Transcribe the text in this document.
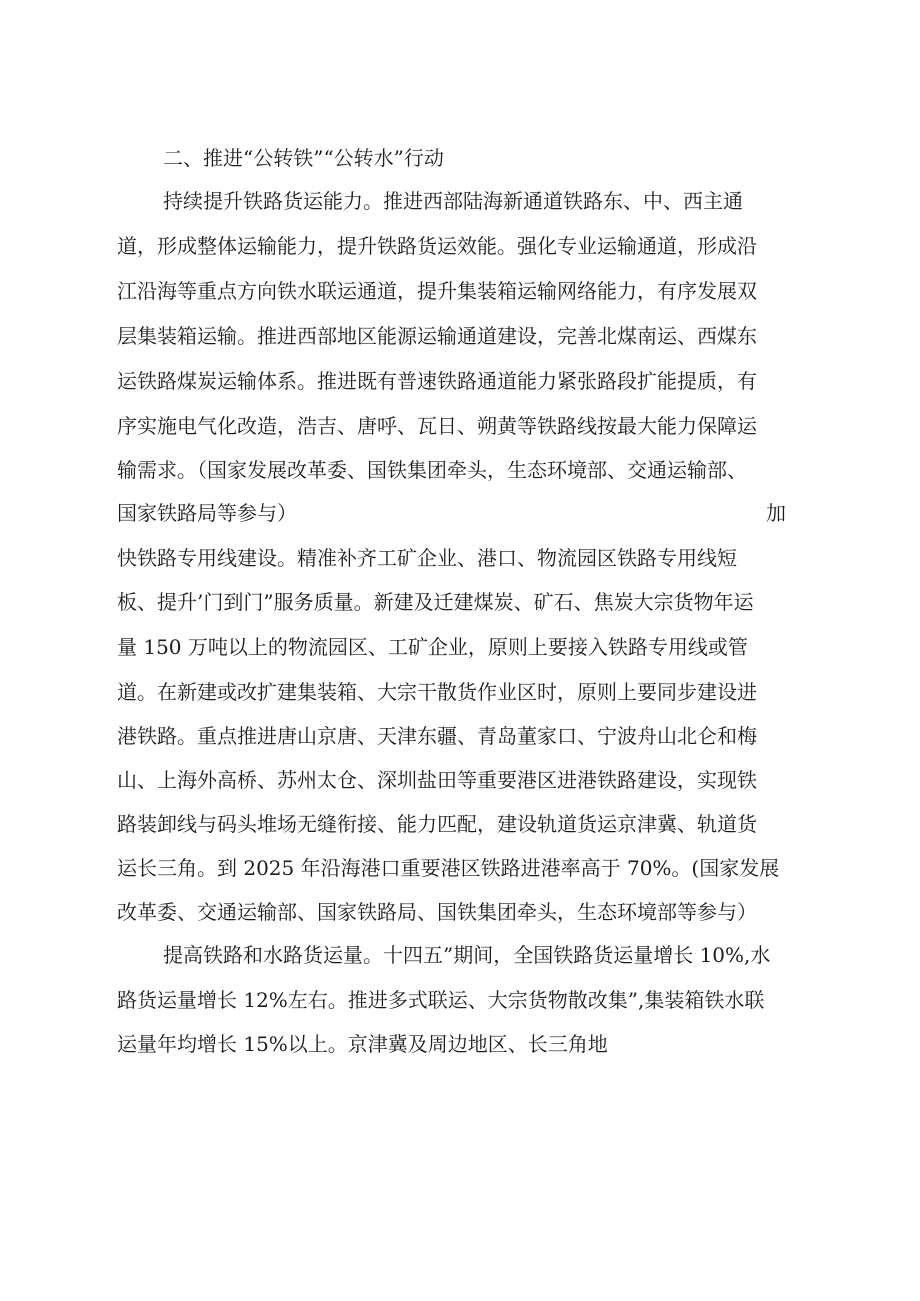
二、推进“公转铁”“公转水”行动
持续提升铁路货运能力。推进西部陆海新通道铁路东、中、西主通
道，形成整体运输能力，提升铁路货运效能。强化专业运输通道，形成沿
江沿海等重点方向铁水联运通道，提升集装箱运输网络能力，有序发展双
层集装箱运输。推进西部地区能源运输通道建设，完善北煤南运、西煤东
运铁路煤炭运输体系。推进既有普速铁路通道能力紧张路段扩能提质，有
序实施电气化改造，浩吉、唐呼、瓦日、朔黄等铁路线按最大能力保障运
输需求。（国家发展改革委、国铁集团牵头，生态环境部、交通运输部、
国家铁路局等参与）	加
快铁路专用线建设。精准补齐工矿企业、港口、物流园区铁路专用线短
板、提升’门到门”服务质量。新建及迁建煤炭、矿石、焦炭大宗货物年运
量 150 万吨以上的物流园区、工矿企业，原则上要接入铁路专用线或管
道。在新建或改扩建集装箱、大宗干散货作业区时，原则上要同步建设进
港铁路。重点推进唐山京唐、天津东疆、青岛董家口、宁波舟山北仑和梅
山、上海外高桥、苏州太仓、深圳盐田等重要港区进港铁路建设，实现铁
路装卸线与码头堆场无缝衔接、能力匹配，建设轨道货运京津冀、轨道货
运长三角。到 2025 年沿海港口重要港区铁路进港率高于 70%。(国家发展
改革委、交通运输部、国家铁路局、国铁集团牵头，生态环境部等参与）
提高铁路和水路货运量。十四五”期间，全国铁路货运量增长 10%,水
路货运量增长 12%左右。推进多式联运、大宗货物散改集”,集装箱铁水联
运量年均增长 15%以上。京津冀及周边地区、长三角地
